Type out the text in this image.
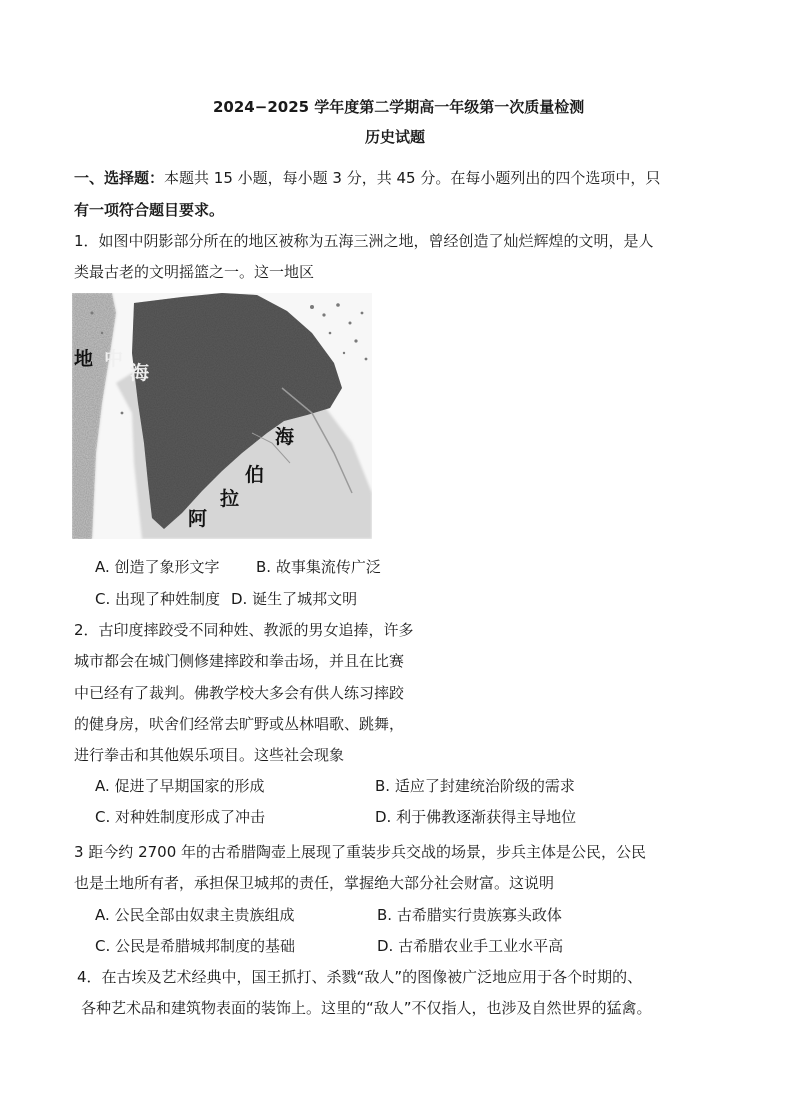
2024−2025 学年度第二学期高一年级第一次质量检测
历史试题
一、选择题：本题共 15 小题，每小题 3 分，共 45 分。在每小题列出的四个选项中，只
有一项符合题目要求。
1．如图中阴影部分所在的地区被称为五海三洲之地，曾经创造了灿烂辉煌的文明，是人
类最古老的文明摇篮之一。这一地区
地 中
海
海
伯
拉
阿
A. 创造了象形文字 B. 故事集流传广泛
C. 出现了种姓制度 D. 诞生了城邦文明
2．古印度摔跤受不同种姓、教派的男女追捧，许多
城市都会在城门侧修建摔跤和拳击场，并且在比赛
中已经有了裁判。佛教学校大多会有供人练习摔跤
的健身房，吠舍们经常去旷野或丛林唱歌、跳舞，
进行拳击和其他娱乐项目。这些社会现象
A. 促进了早期国家的形成	B. 适应了封建统治阶级的需求
C. 对种姓制度形成了冲击	D. 利于佛教逐渐获得主导地位
3 距今约 2700 年的古希腊陶壶上展现了重装步兵交战的场景，步兵主体是公民，公民
也是土地所有者，承担保卫城邦的责任，掌握绝大部分社会财富。这说明
A. 公民全部由奴隶主贵族组成	B. 古希腊实行贵族寡头政体
C. 公民是希腊城邦制度的基础	D. 古希腊农业手工业水平高
4．在古埃及艺术经典中，国王抓打、杀戮“敌人”的图像被广泛地应用于各个时期的、
各种艺术品和建筑物表面的装饰上。这里的“敌人”不仅指人，也涉及自然世界的猛禽。
